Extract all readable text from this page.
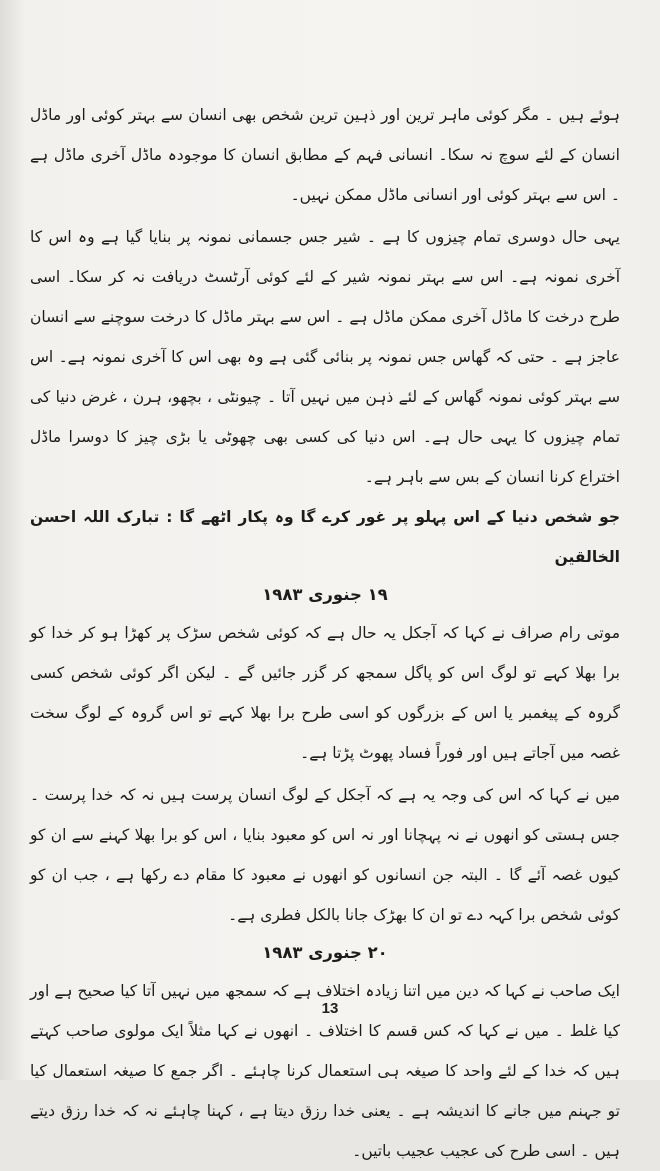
ہوئے ہیں ۔ مگر کوئی ماہر ترین اور ذہین ترین شخص بھی انسان سے بہتر کوئی اور ماڈل انسان کے لئے سوچ نہ سکا۔ انسانی فہم کے مطابق انسان کا موجودہ ماڈل آخری ماڈل ہے ۔ اس سے بہتر کوئی اور انسانی ماڈل ممکن نہیں۔

یہی حال دوسری تمام چیزوں کا ہے ۔ شیر جس جسمانی نمونہ پر بنایا گیا ہے وہ اس کا آخری نمونہ ہے۔ اس سے بہتر نمونہ شیر کے لئے کوئی آرٹسٹ دریافت نہ کر سکا۔ اسی طرح درخت کا ماڈل آخری ممکن ماڈل ہے ۔ اس سے بہتر ماڈل کا درخت سوچنے سے انسان عاجز ہے ۔ حتی کہ گھاس جس نمونہ پر بنائی گئی ہے وہ بھی اس کا آخری نمونہ ہے۔ اس سے بہتر کوئی نمونہ گھاس کے لئے ذہن میں نہیں آتا ۔ چیونٹی ، بچھو، ہرن ، غرض دنیا کی تمام چیزوں کا یہی حال ہے۔ اس دنیا کی کسی بھی چھوٹی یا بڑی چیز کا دوسرا ماڈل اختراع کرنا انسان کے بس سے باہر ہے۔

جو شخص دنیا کے اس پہلو پر غور کرے گا وہ پکار اٹھے گا : تبارک اللہ احسن الخالقین

۱۹ جنوری ۱۹۸۳

موتی رام صراف نے کہا کہ آجکل یہ حال ہے کہ کوئی شخص سڑک پر کھڑا ہو کر خدا کو برا بھلا کہے تو لوگ اس کو پاگل سمجھ کر گزر جائیں گے ۔ لیکن اگر کوئی شخص کسی گروہ کے پیغمبر یا اس کے بزرگوں کو اسی طرح برا بھلا کہے تو اس گروہ کے لوگ سخت غصہ میں آجاتے ہیں اور فوراً فساد پھوٹ پڑتا ہے۔

میں نے کہا کہ اس کی وجہ یہ ہے کہ آجکل کے لوگ انسان پرست ہیں نہ کہ خدا پرست ۔ جس ہستی کو انھوں نے نہ پہچانا اور نہ اس کو معبود بنایا ، اس کو برا بھلا کہنے سے ان کو کیوں غصہ آئے گا ۔ البتہ جن انسانوں کو انھوں نے معبود کا مقام دے رکھا ہے ، جب ان کو کوئی شخص برا کہہ دے تو ان کا بھڑک جانا بالکل فطری ہے۔

۲۰ جنوری ۱۹۸۳

ایک صاحب نے کہا کہ دین میں اتنا زیادہ اختلاف ہے کہ سمجھ میں نہیں آتا کیا صحیح ہے اور کیا غلط ۔ میں نے کہا کہ کس قسم کا اختلاف ۔ انھوں نے کہا مثلاً ایک مولوی صاحب کہتے ہیں کہ خدا کے لئے واحد کا صیغہ ہی استعمال کرنا چاہئے ۔ اگر جمع کا صیغہ استعمال کیا تو جہنم میں جانے کا اندیشہ ہے ۔ یعنی خدا رزق دیتا ہے ، کہنا چاہئے نہ کہ خدا رزق دیتے ہیں ۔ اسی طرح کی عجیب عجیب باتیں۔

13
